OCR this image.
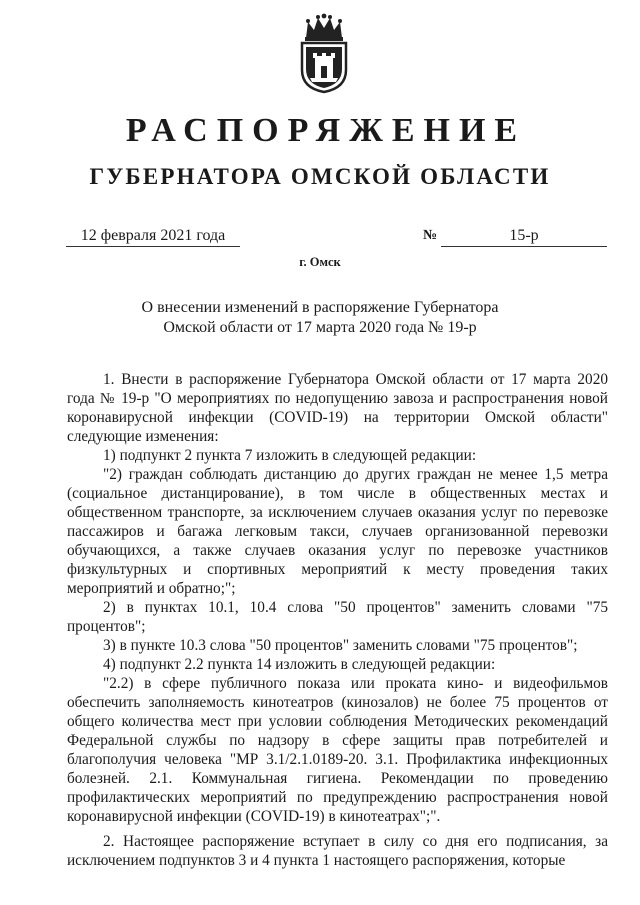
РАСПОРЯЖЕНИЕ
ГУБЕРНАТОРА ОМСКОЙ ОБЛАСТИ
12 февраля 2021 года	№	15-р
г. Омск
О внесении изменений в распоряжение Губернатора
Омской области от 17 марта 2020 года № 19-р

1. Внести в распоряжение Губернатора Омской области от 17 марта 2020 года № 19-р "О мероприятиях по недопущению завоза и распространения новой коронавирусной инфекции (COVID-19) на территории Омской области" следующие изменения:

1) подпункт 2 пункта 7 изложить в следующей редакции:

"2) граждан соблюдать дистанцию до других граждан не менее 1,5 метра (социальное дистанцирование), в том числе в общественных местах и общественном транспорте, за исключением случаев оказания услуг по перевозке пассажиров и багажа легковым такси, случаев организованной перевозки обучающихся, а также случаев оказания услуг по перевозке участников физкультурных и спортивных мероприятий к месту проведения таких мероприятий и обратно;";

2) в пунктах 10.1, 10.4 слова "50 процентов" заменить словами "75 процентов";

3) в пункте 10.3 слова "50 процентов" заменить словами "75 процентов";

4) подпункт 2.2 пункта 14 изложить в следующей редакции:

"2.2) в сфере публичного показа или проката кино- и видеофильмов обеспечить заполняемость кинотеатров (кинозалов) не более 75 процентов от общего количества мест при условии соблюдения Методических рекомендаций Федеральной службы по надзору в сфере защиты прав потребителей и благополучия человека "МР 3.1/2.1.0189-20. 3.1. Профилактика инфекционных болезней. 2.1. Коммунальная гигиена. Рекомендации по проведению профилактических мероприятий по предупреждению распространения новой коронавирусной инфекции (COVID-19) в кинотеатрах";".

2. Настоящее распоряжение вступает в силу со дня его подписания, за исключением подпунктов 3 и 4 пункта 1 настоящего распоряжения, которые
